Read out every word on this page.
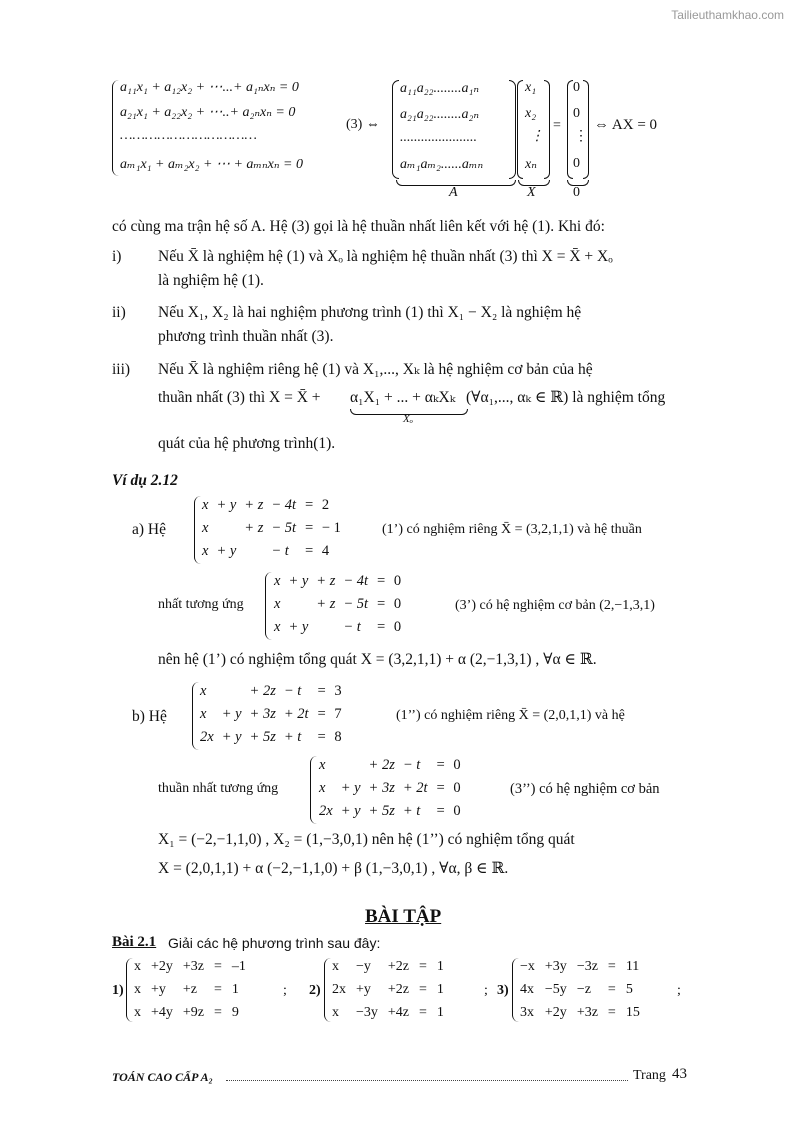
Tailieuthamkhao.com
a₁₁x₁ + a₁₂x₂ + ⋯...+ a₁ₙxₙ = 0
a₂₁x₁ + a₂₂x₂ + ⋯..+ a₂ₙxₙ = 0
……………………………
aₘ₁x₁ + aₘ₂x₂ + ⋯ + aₘₙxₙ = 0
(3) ⇔
a₁₁a₂₂........a₁ₙ
a₂₁a₂₂........a₂ₙ
......................
aₘ₁aₘ₂......aₘₙ
x₁
x₂
⋮
xₙ
=
0
0
⋮
0
⇔ AX = 0
A	X	0
có cùng ma trận hệ số A. Hệ (3) gọi là hệ thuần nhất liên kết với hệ (1). Khi đó:
i) Nếu X̄ là nghiệm hệ (1) và Xₒ là nghiệm hệ thuần nhất (3) thì X = X̄ + Xₒ
là nghiệm hệ (1).
ii) Nếu X₁, X₂ là hai nghiệm phương trình (1) thì X₁ − X₂ là nghiệm hệ
phương trình thuần nhất (3).
iii) Nếu X̄ là nghiệm riêng hệ (1) và X₁,..., Xₖ là hệ nghiệm cơ bản của hệ
thuần nhất (3) thì X = X̄ + α₁X₁ + ... + αₖXₖ
Xₒ
(∀α₁,..., αₖ ∈ ℝ) là nghiệm tổng
quát của hệ phương trình(1).
Ví dụ 2.12
a) Hệ
x	+ y	+ z	− 4t	=	2
x		+ z	− 5t	=	− 1
x	+ y		− t	=	4
(1’) có nghiệm riêng X̄ = (3,2,1,1) và hệ thuần
nhất tương ứng
x	+ y	+ z	− 4t	=	0
x		+ z	− 5t	=	0
x	+ y		− t	=	0
(3’) có hệ nghiệm cơ bản (2,−1,3,1)
nên hệ (1’) có nghiệm tổng quát X = (3,2,1,1) + α (2,−1,3,1) , ∀α ∈ ℝ.
b) Hệ
x		+ 2z	− t	=	3
x	+ y	+ 3z	+ 2t	=	7
2x	+ y	+ 5z	+ t	=	8
(1’’) có nghiệm riêng X̄ = (2,0,1,1) và hệ
thuần nhất tương ứng
x		+ 2z	− t	=	0
x	+ y	+ 3z	+ 2t	=	0
2x	+ y	+ 5z	+ t	=	0
(3’’) có hệ nghiệm cơ bản
X₁ = (−2,−1,1,0) , X₂ = (1,−3,0,1) nên hệ (1’’) có nghiệm tổng quát
X = (2,0,1,1) + α (−2,−1,1,0) + β (1,−3,0,1) , ∀α, β ∈ ℝ.
BÀI TẬP
Bài 2.1 Giải các hệ phương trình sau đây:
1)
x	+2y	+3z	=	–1
x	+y	+z	=	1
x	+4y	+9z	=	9
; 2)
x	−y	+2z	=	1
2x	+y	+2z	=	1
x	−3y	+4z	=	1
; 3)
−x	+3y	−3z	=	11
4x	−5y	−z	=	5
3x	+2y	+3z	=	15
;
TOÁN CAO CẤP A₂	Trang 43
